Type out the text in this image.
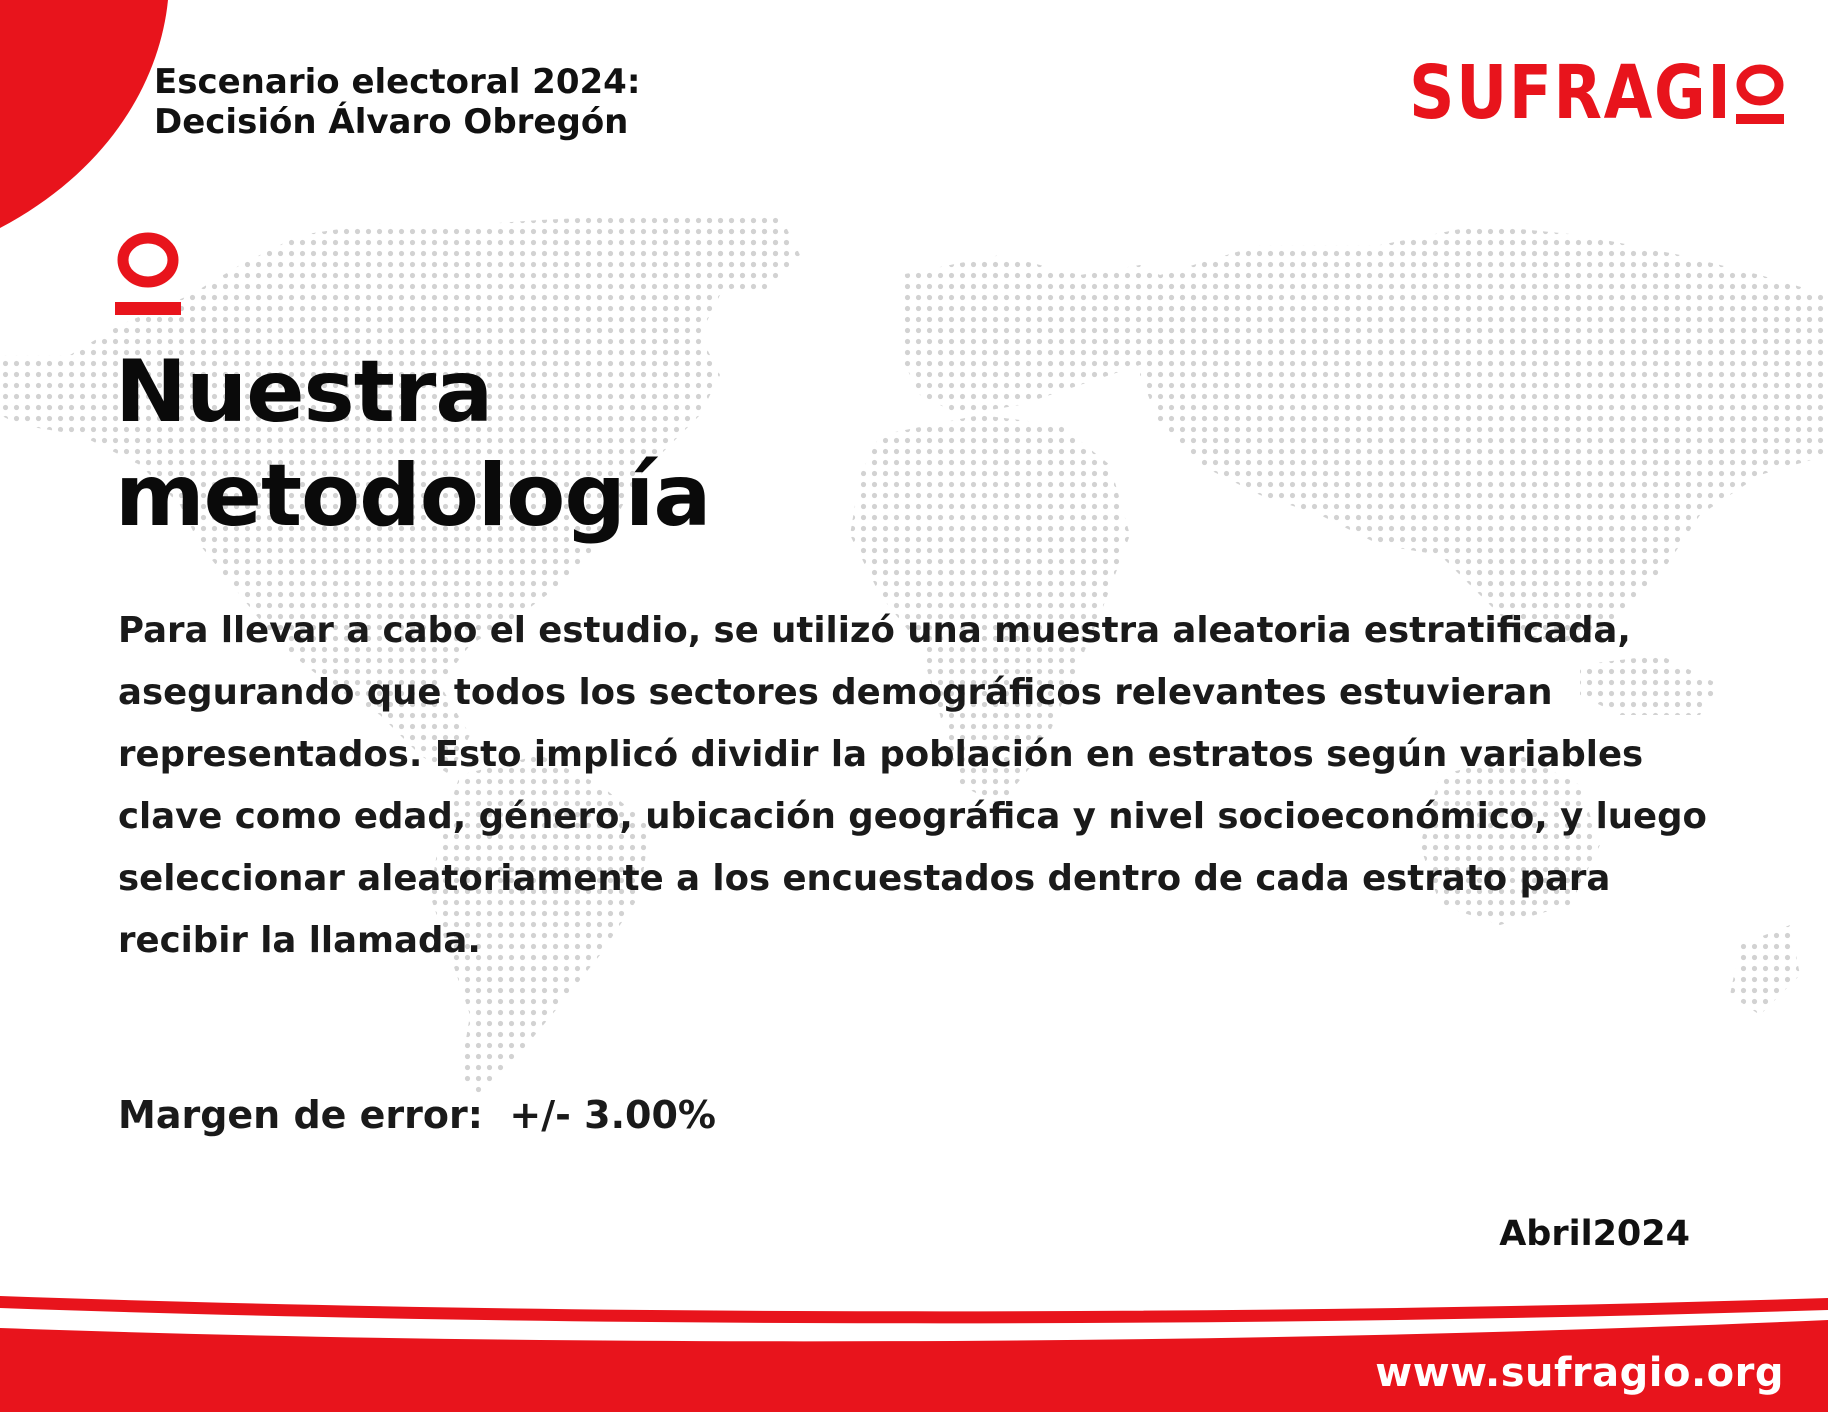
Escenario electoral 2024:
Decisión Álvaro Obregón	SUFRAGI
Nuestra
metodología

Para llevar a cabo el estudio, se utilizó una muestra aleatoria estratificada, asegurando que todos los sectores demográficos relevantes estuvieran representados. Esto implicó dividir la población en estratos según variables clave como edad, género, ubicación geográfica y nivel socioeconómico, y luego seleccionar aleatoriamente a los encuestados dentro de cada estrato para recibir la llamada.

Margen de error: +/- 3.00%
Abril2024
www.sufragio.org
